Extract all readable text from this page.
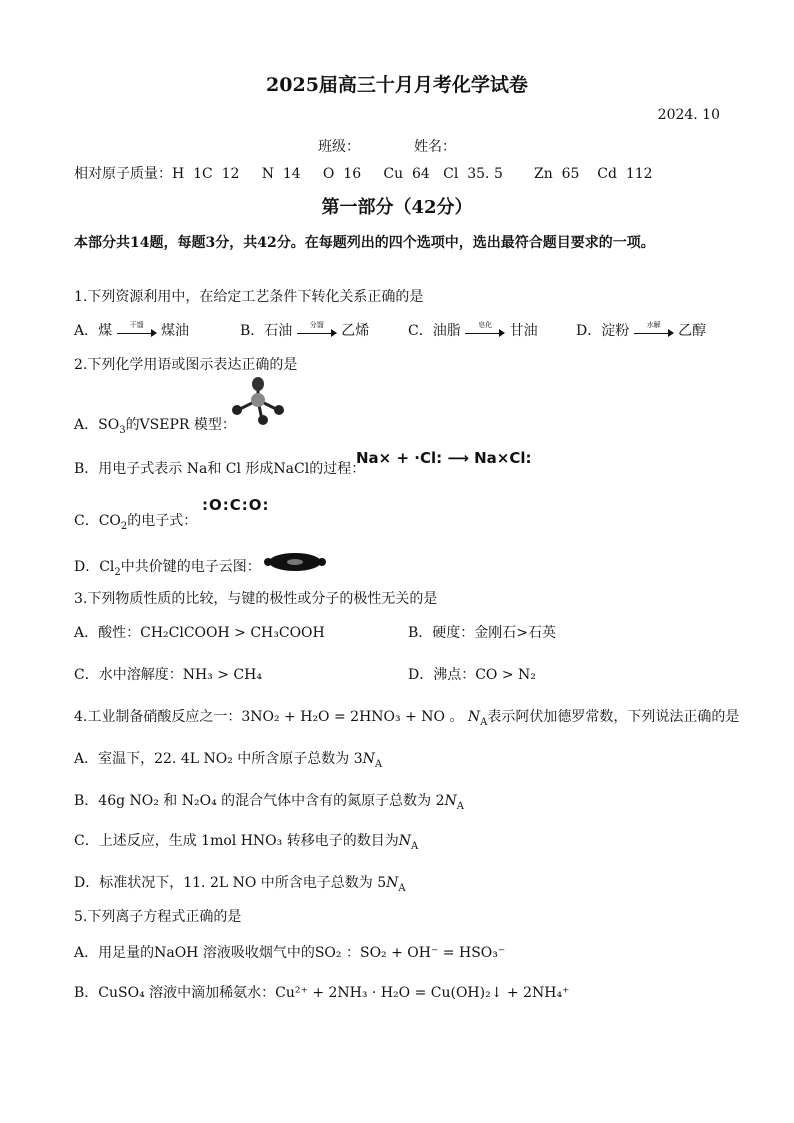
2025届高三十月月考化学试卷
2024. 10
班级：	姓名：
相对原子质量：H  1C  12     N  14     O  16     Cu  64   Cl  35. 5       Zn  65    Cd  112
第一部分（42分）
本部分共14题，每题3分，共42分。在每题列出的四个选项中，选出最符合题目要求的一项。
1.下列资源利用中，在给定工艺条件下转化关系正确的是
A．煤	干馏	煤油	B．石油	分馏	乙烯	C．油脂	皂化	甘油	D．淀粉	水解	乙醇
2.下列化学用语或图示表达正确的是
A．$SO_3$的VSEPR 模型：
B．用电子式表示 Na和 Cl 形成NaCl的过程：
Na× + ·Cl: ⟶ Na×Cl:
C．$CO_2$的电子式：
:O:C:O:
D．$Cl_2$中共价键的电子云图：
3.下列物质性质的比较，与键的极性或分子的极性无关的是
A．酸性：CH₂ClCOOH > CH₃COOH	B．硬度：金刚石>石英
C．水中溶解度：NH₃ > CH₄	D．沸点：CO > N₂
4.工业制备硝酸反应之一：3NO₂ + H₂O = 2HNO₃ + NO 。 $N_A$表示阿伏加德罗常数，下列说法正确的是
A．室温下，22. 4L NO₂ 中所含原子总数为 $3N_A$
B．46g NO₂ 和 N₂O₄ 的混合气体中含有的氮原子总数为 $2N_A$
C．上述反应，生成 1mol HNO₃ 转移电子的数目为$N_A$
D．标准状况下，11. 2L NO 中所含电子总数为 $5N_A$
5.下列离子方程式正确的是
A．用足量的NaOH 溶液吸收烟气中的SO₂ ：SO₂ + OH⁻ = HSO₃⁻
B．CuSO₄ 溶液中滴加稀氨水：Cu²⁺ + 2NH₃ · H₂O = Cu(OH)₂↓ + 2NH₄⁺
